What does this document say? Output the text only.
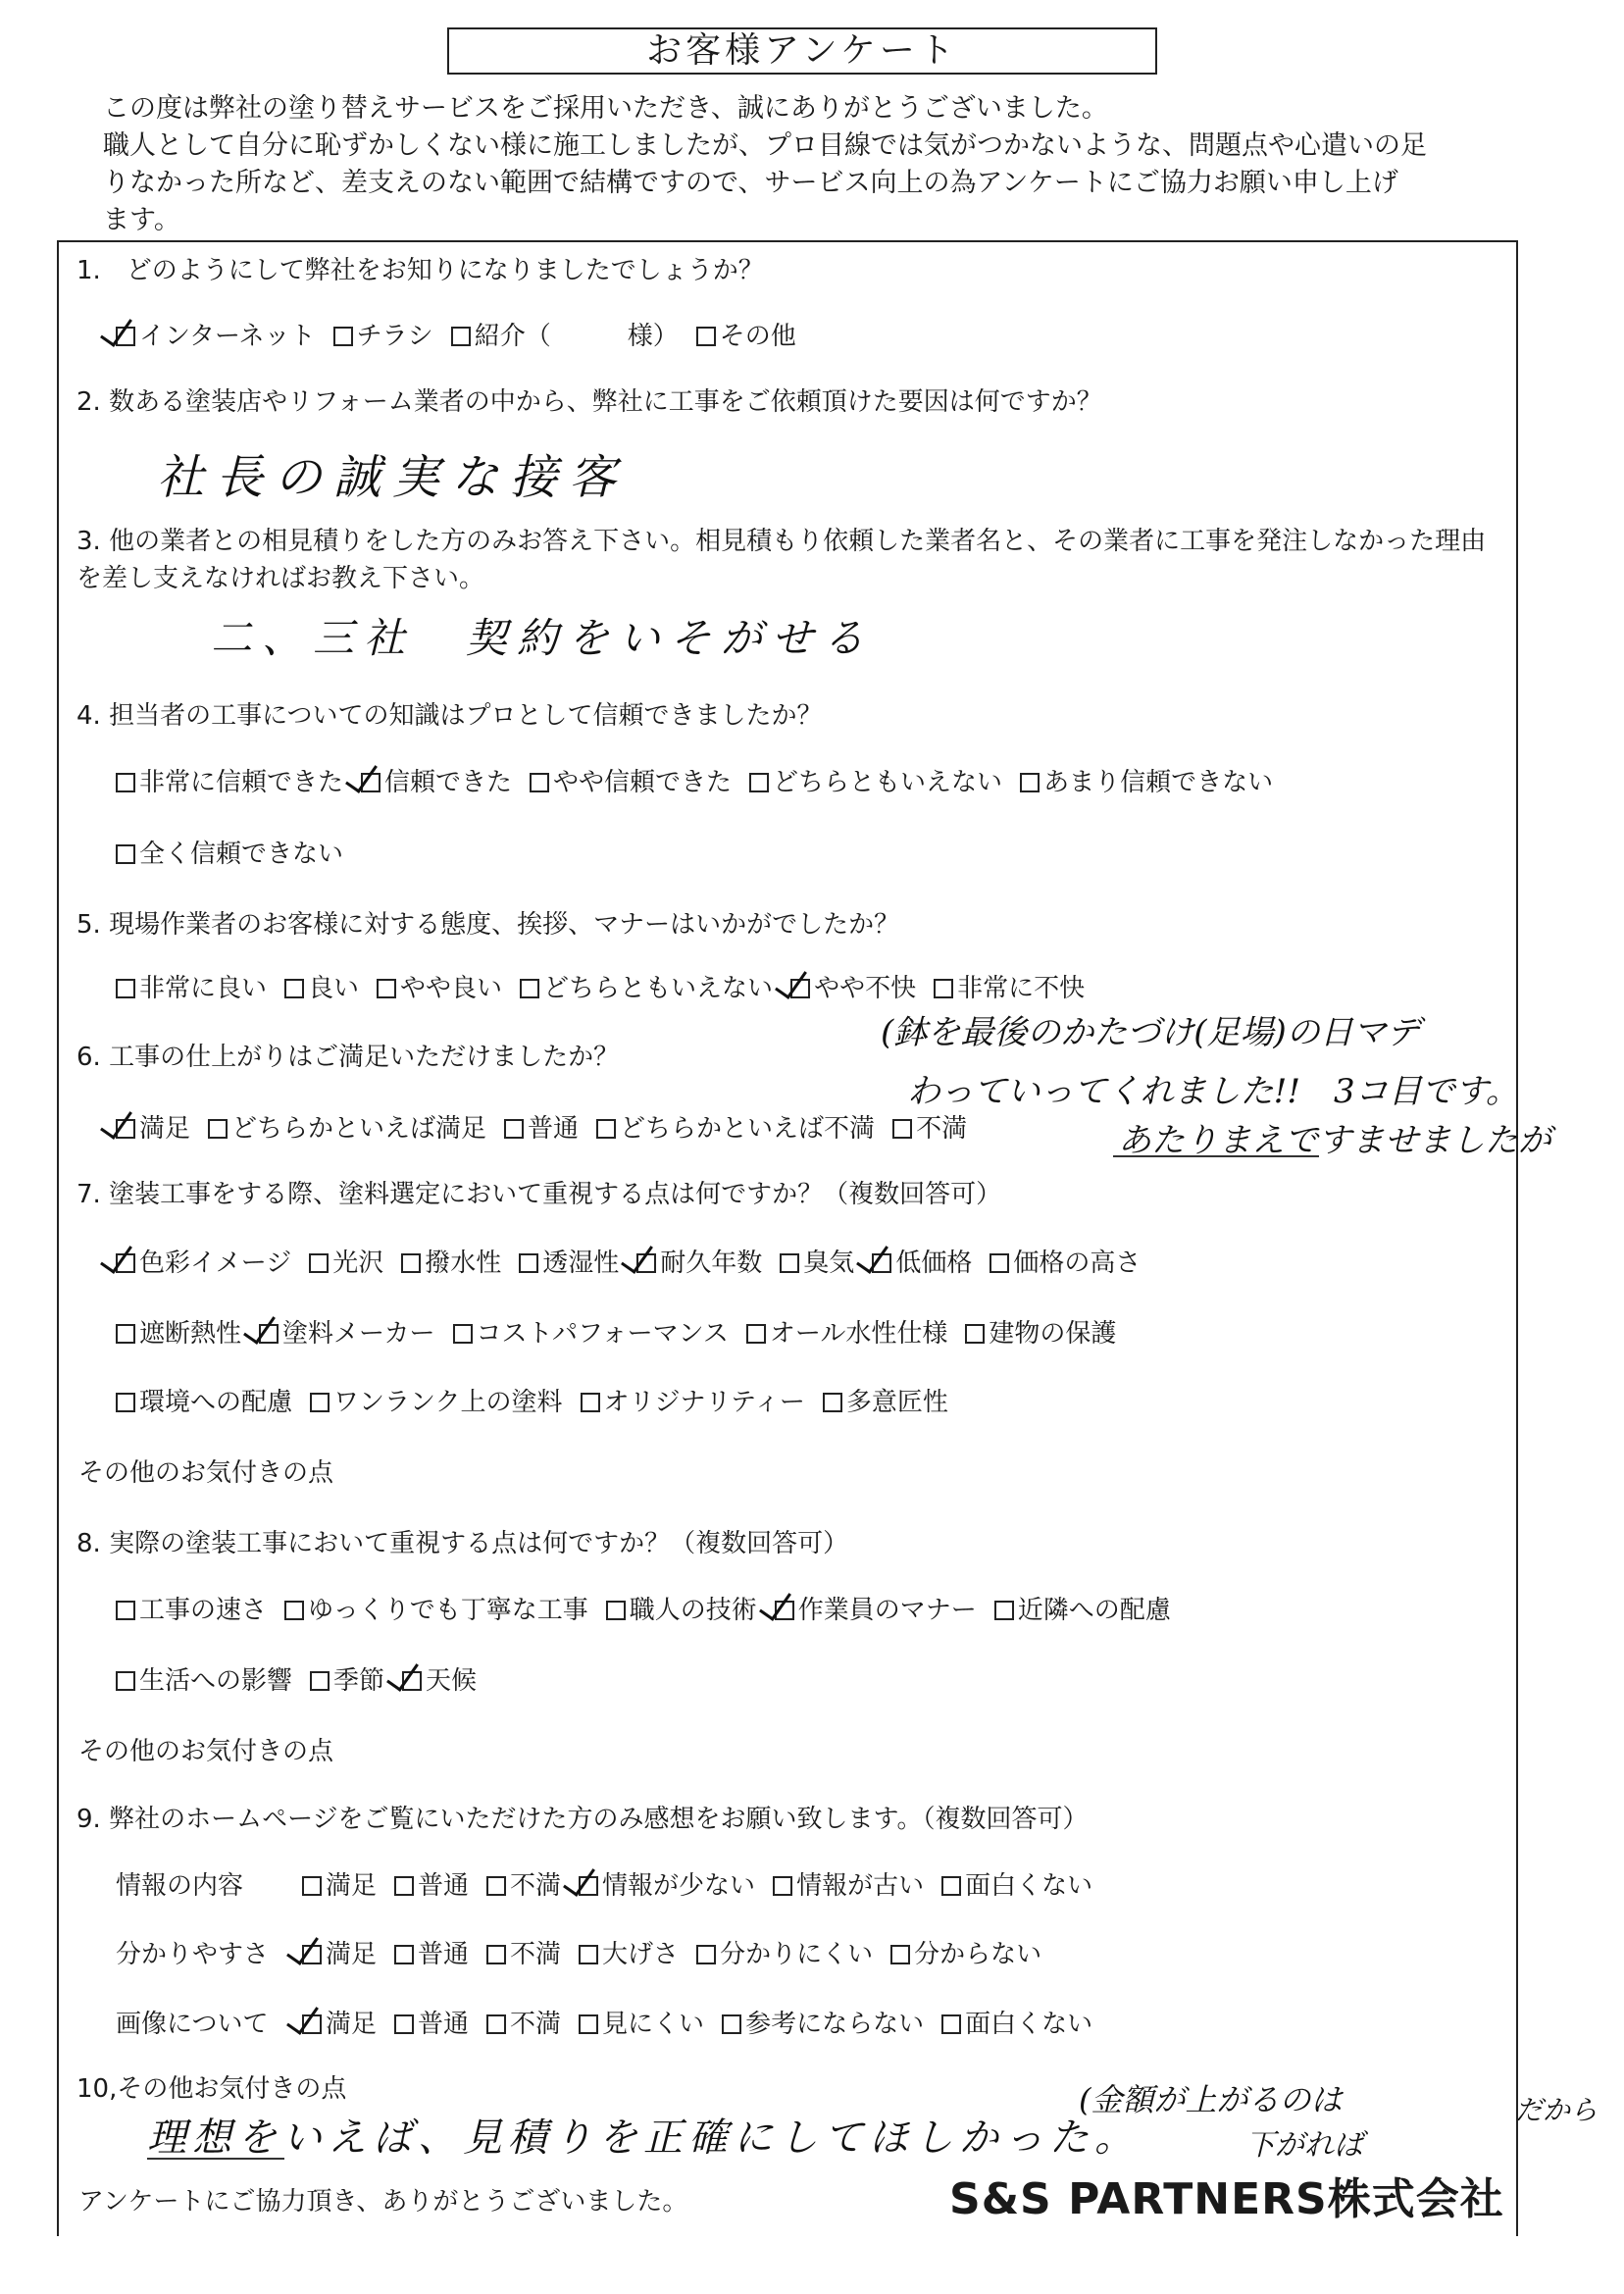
お客様アンケート

この度は弊社の塗り替えサービスをご採用いただき、誠にありがとうございました。

職人として自分に恥ずかしくない様に施工しましたが、プロ目線では気がつかないような、問題点や心遣いの足

りなかった所など、差支えのない範囲で結構ですので、サービス向上の為アンケートにご協力お願い申し上げ

ます。

1.　どのようにして弊社をお知りになりましたでしょうか？
インターネット チラシ 紹介（　　　様） その他
2. 数ある塗装店やリフォーム業者の中から、弊社に工事をご依頼頂けた要因は何ですか？
社長の誠実な接客
3. 他の業者との相見積りをした方のみお答え下さい。相見積もり依頼した業者名と、その業者に工事を発注しなかった理由
を差し支えなければお教え下さい。
二、三社　契約をいそがせる
4. 担当者の工事についての知識はプロとして信頼できましたか？
非常に信頼できた 信頼できた やや信頼できた どちらともいえない あまり信頼できない
全く信頼できない
5. 現場作業者のお客様に対する態度、挨拶、マナーはいかがでしたか？
非常に良い 良い やや良い どちらともいえない やや不快 非常に不快
(鉢を最後のかたづけ(足場)の日マデ
わっていってくれました!!　3コ目です。
あたりまえですませましたが
6. 工事の仕上がりはご満足いただけましたか？
満足 どちらかといえば満足 普通 どちらかといえば不満 不満
7. 塗装工事をする際、塗料選定において重視する点は何ですか？（複数回答可）
色彩イメージ 光沢 撥水性 透湿性 耐久年数 臭気 低価格 価格の高さ
遮断熱性 塗料メーカー コストパフォーマンス オール水性仕様 建物の保護
環境への配慮 ワンランク上の塗料 オリジナリティー 多意匠性
その他のお気付きの点
8. 実際の塗装工事において重視する点は何ですか？（複数回答可）
工事の速さ ゆっくりでも丁寧な工事 職人の技術 作業員のマナー 近隣への配慮
生活への影響 季節 天候
その他のお気付きの点
9. 弊社のホームページをご覧にいただけた方のみ感想をお願い致します。（複数回答可）
情報の内容	満足 普通 不満 情報が少ない 情報が古い 面白くない
分かりやすさ 満足 普通 不満 大げさ 分かりにくい 分からない
画像について 満足 普通 不満 見にくい 参考にならない 面白くない
10,その他お気付きの点
理想をいえば、見積りを正確にしてほしかった。
(金額が上がるのは
下がれば
だから
アンケートにご協力頂き、ありがとうございました。	S&S PARTNERS株式会社
